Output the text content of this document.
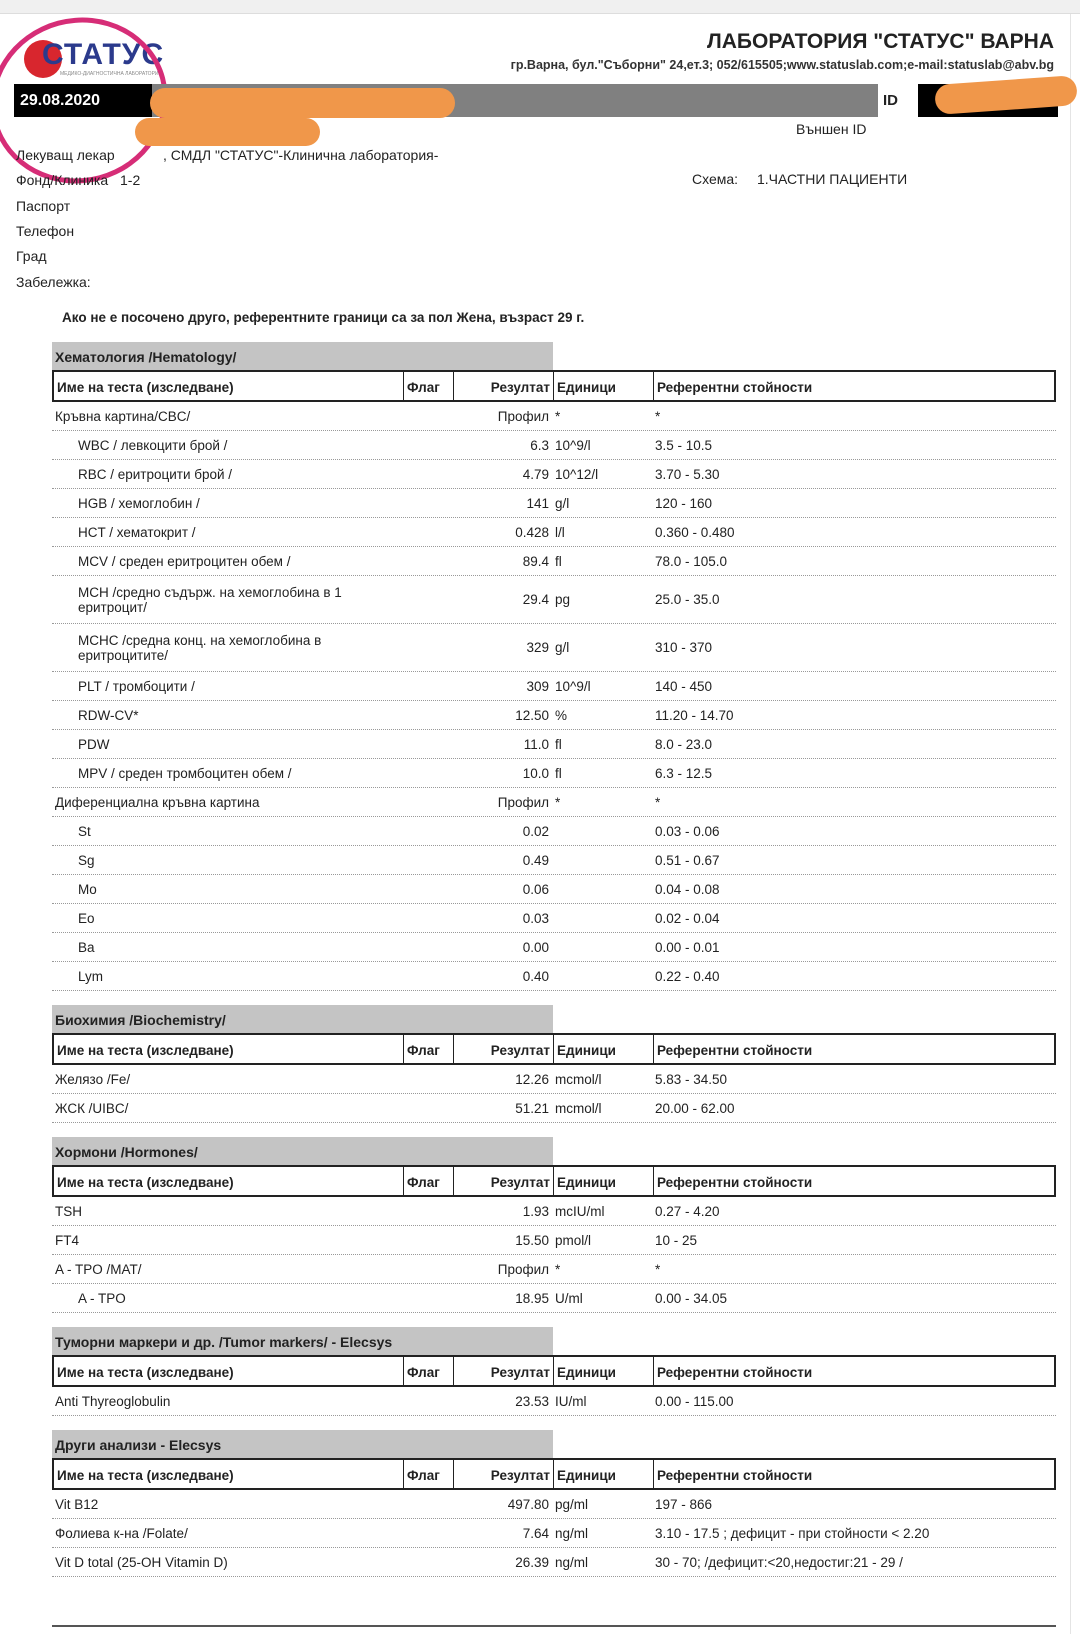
СТАТУС
МЕДИКО-ДИАГНОСТИЧНА ЛАБОРАТОРИЯ
ЛАБОРАТОРИЯ "СТАТУС" ВАРНА
гр.Варна, бул."Съборни" 24,ет.3; 052/615505;www.statuslab.com;e-mail:statuslab@abv.bg
29.08.2020	ID
Външен ID
Лекуващ лекар	, СМДЛ "СТАТУС"-Клинична лаборатория-
Фонд/Клиника 1-2	Схема: 1.ЧАСТНИ ПАЦИЕНТИ
Паспорт
Телефон
Град
Забележка:
Ако не е посочено друго, референтните граници са за пол Жена, възраст 29 г.
Хематология /Hematology/
Име на теста (изследване)	Флаг	Резултат Единици	Референтни стойности
Кръвна картина/CBC/	Профил *	*
WBC / левкоцити брой /	6.3 10^9/l	3.5 - 10.5
RBC / еритроцити брой /	4.79 10^12/l	3.70 - 5.30
HGB / хемоглобин /	141 g/l	120 - 160
HCT / хематокрит /	0.428 l/l	0.360 - 0.480
MCV / среден еритроцитен обем /	89.4 fl	78.0 - 105.0
MCH /средно съдърж. на хемоглобина в 1 еритроцит/	29.4 pg	25.0 - 35.0
MCHC /средна конц. на хемоглобина в еритроцитите/	329 g/l	310 - 370
PLT / тромбоцити /	309 10^9/l	140 - 450
RDW-CV*	12.50 %	11.20 - 14.70
PDW	11.0 fl	8.0 - 23.0
MPV / среден тромбоцитен обем /	10.0 fl	6.3 - 12.5
Диференциална кръвна картина	Профил *	*
St	0.02	0.03 - 0.06
Sg	0.49	0.51 - 0.67
Mo	0.06	0.04 - 0.08
Eo	0.03	0.02 - 0.04
Ba	0.00	0.00 - 0.01
Lym	0.40	0.22 - 0.40
Биохимия /Biochemistry/
Име на теста (изследване)	Флаг	Резултат Единици	Референтни стойности
Желязо /Fe/	12.26 mcmol/l	5.83 - 34.50
ЖСК /UIBC/	51.21 mcmol/l	20.00 - 62.00
Хормони /Hormones/
Име на теста (изследване)	Флаг	Резултат Единици	Референтни стойности
TSH	1.93 mcIU/ml	0.27 - 4.20
FT4	15.50 pmol/l	10 - 25
A - TPO /MAT/	Профил *	*
A - TPO	18.95 U/ml	0.00 - 34.05
Туморни маркери и др. /Tumor markers/ - Elecsys
Име на теста (изследване)	Флаг	Резултат Единици	Референтни стойности
Anti Thyreoglobulin	23.53 IU/ml	0.00 - 115.00
Други анализи - Elecsys
Име на теста (изследване)	Флаг	Резултат Единици	Референтни стойности
Vit B12	497.80 pg/ml	197 - 866
Фолиева к-на /Folate/	7.64 ng/ml	3.10 - 17.5 ; дефицит - при стойности < 2.20
Vit D total (25-OH Vitamin D)	26.39 ng/ml	30 - 70; /дефицит:<20,недостиг:21 - 29 /
